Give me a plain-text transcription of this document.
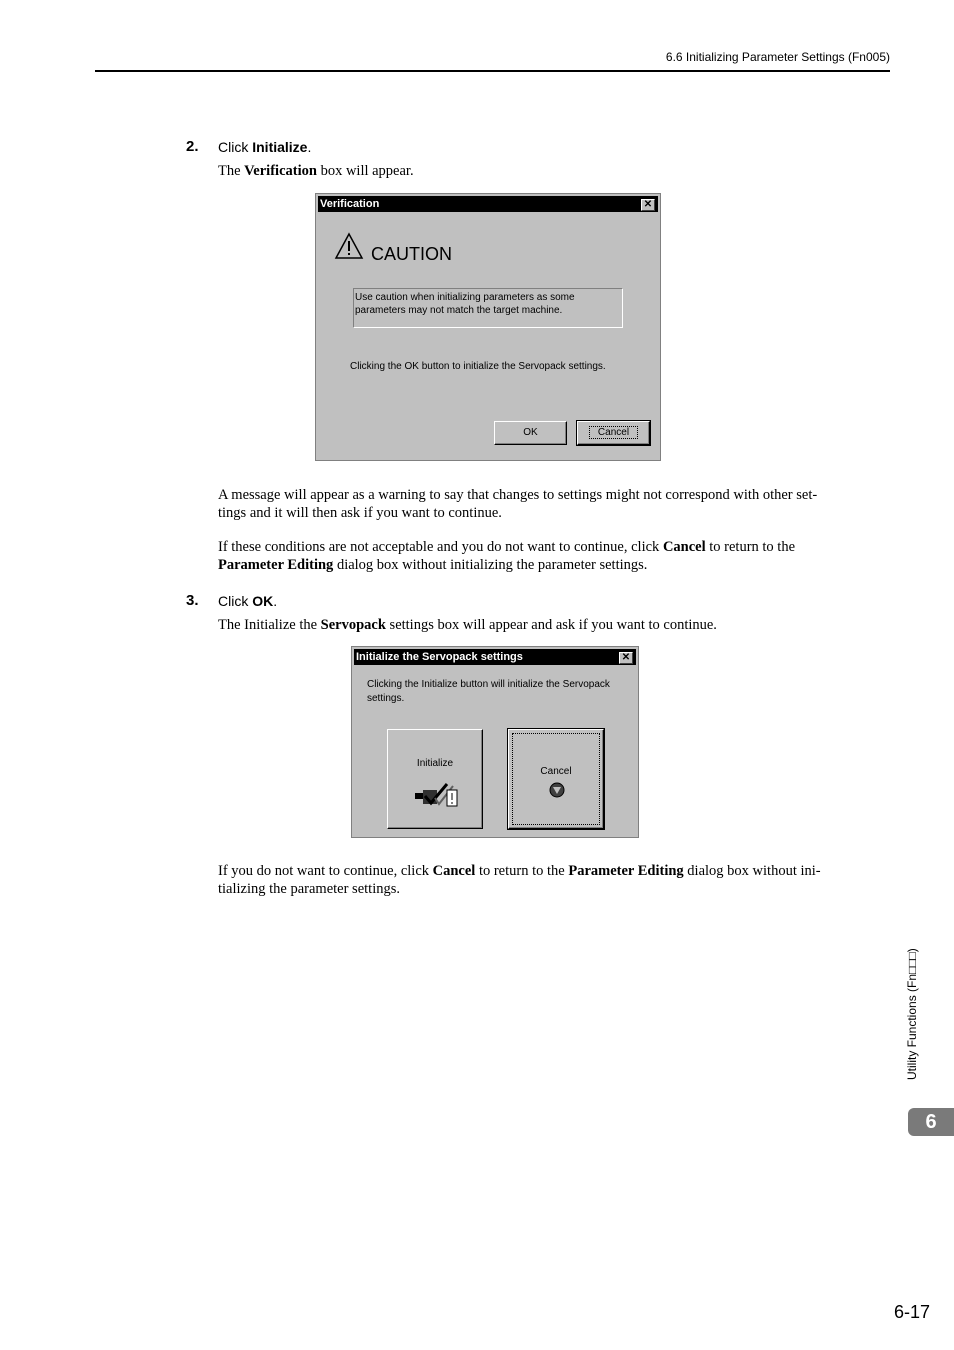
6.6 Initializing Parameter Settings (Fn005)
2. Click Initialize.
The Verification box will appear.
Verification	✕
CAUTION
Use caution when initializing parameters as some
parameters may not match the target machine.
Clicking the OK button to initialize the Servopack settings.
OK	Cancel
A message will appear as a warning to say that changes to settings might not correspond with other set-
tings and it will then ask if you want to continue.
If these conditions are not acceptable and you do not want to continue, click Cancel to return to the
Parameter Editing dialog box without initializing the parameter settings.
3. Click OK.
The Initialize the Servopack settings box will appear and ask if you want to continue.
Initialize the Servopack settings	✕
Clicking the Initialize button will initialize the Servopack
settings.
Initialize
Cancel
If you do not want to continue, click Cancel to return to the Parameter Editing dialog box without ini-
tializing the parameter settings.
Utility Functions (Fn□□□)
6
6-17
